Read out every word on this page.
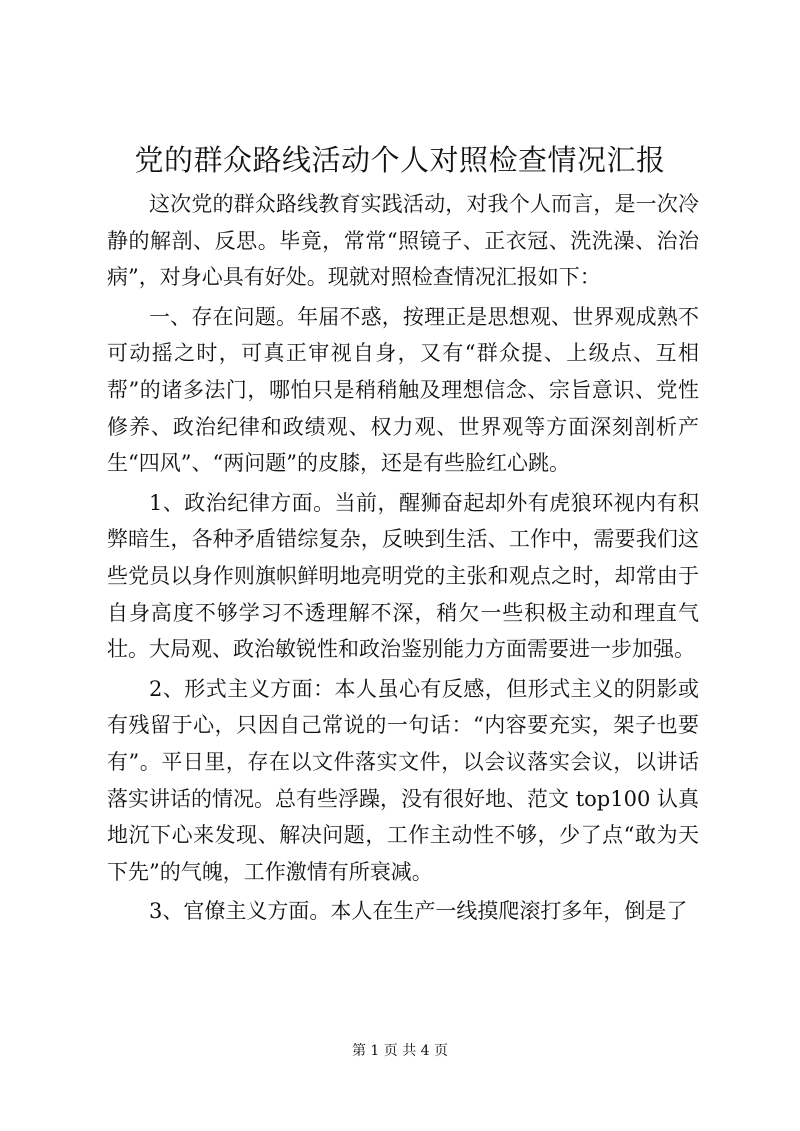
党的群众路线活动个人对照检查情况汇报

这次党的群众路线教育实践活动，对我个人而言，是一次冷静的解剖、反思。毕竟，常常“照镜子、正衣冠、洗洗澡、治治病”，对身心具有好处。现就对照检查情况汇报如下：

一、存在问题。年届不惑，按理正是思想观、世界观成熟不可动摇之时，可真正审视自身，又有“群众提、上级点、互相帮”的诸多法门，哪怕只是稍稍触及理想信念、宗旨意识、党性修养、政治纪律和政绩观、权力观、世界观等方面深刻剖析产生“四风”、“两问题”的皮膝，还是有些脸红心跳。

1、政治纪律方面。当前，醒狮奋起却外有虎狼环视内有积弊暗生，各种矛盾错综复杂，反映到生活、工作中，需要我们这些党员以身作则旗帜鲜明地亮明党的主张和观点之时，却常由于自身高度不够学习不透理解不深，稍欠一些积极主动和理直气壮。大局观、政治敏锐性和政治鉴别能力方面需要进一步加强。

2、形式主义方面：本人虽心有反感，但形式主义的阴影或有残留于心，只因自己常说的一句话：“内容要充实，架子也要有”。平日里，存在以文件落实文件，以会议落实会议，以讲话落实讲话的情况。总有些浮躁，没有很好地、范文 top100 认真地沉下心来发现、解决问题，工作主动性不够，少了点“敢为天下先”的气魄，工作激情有所衰减。

3、官僚主义方面。本人在生产一线摸爬滚打多年，倒是了

第 1 页 共 4 页
